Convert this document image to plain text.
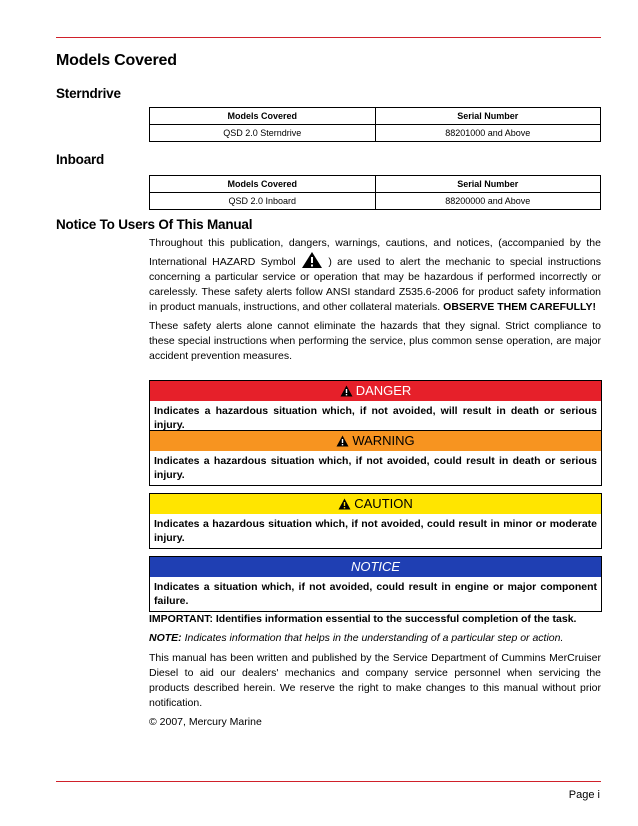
Models Covered
Sterndrive
Models Covered	Serial Number
QSD 2.0 Sterndrive	88201000 and Above
Inboard
Models Covered	Serial Number
QSD 2.0 Inboard	88200000 and Above
Notice To Users Of This Manual

Throughout this publication, dangers, warnings, cautions, and notices, (accompanied by the International HAZARD Symbol	) are used to alert the mechanic to special instructions concerning a particular service or operation that may be hazardous if performed incorrectly or carelessly. These safety alerts follow ANSI standard Z535.6-2006 for product safety information in product manuals, instructions, and other collateral materials. OBSERVE THEM CAREFULLY!

These safety alerts alone cannot eliminate the hazards that they signal. Strict compliance to these special instructions when performing the service, plus common sense operation, are major accident prevention measures.

DANGER
Indicates a hazardous situation which, if not avoided, will result in death or serious injury.
WARNING
Indicates a hazardous situation which, if not avoided, could result in death or serious injury.
CAUTION
Indicates a hazardous situation which, if not avoided, could result in minor or moderate injury.
NOTICE
Indicates a situation which, if not avoided, could result in engine or major component failure.
IMPORTANT: Identifies information essential to the successful completion of the task.
NOTE: Indicates information that helps in the understanding of a particular step or action.

This manual has been written and published by the Service Department of Cummins MerCruiser Diesel to aid our dealers' mechanics and company service personnel when servicing the products described herein. We reserve the right to make changes to this manual without prior notification.

© 2007, Mercury Marine

Page i
